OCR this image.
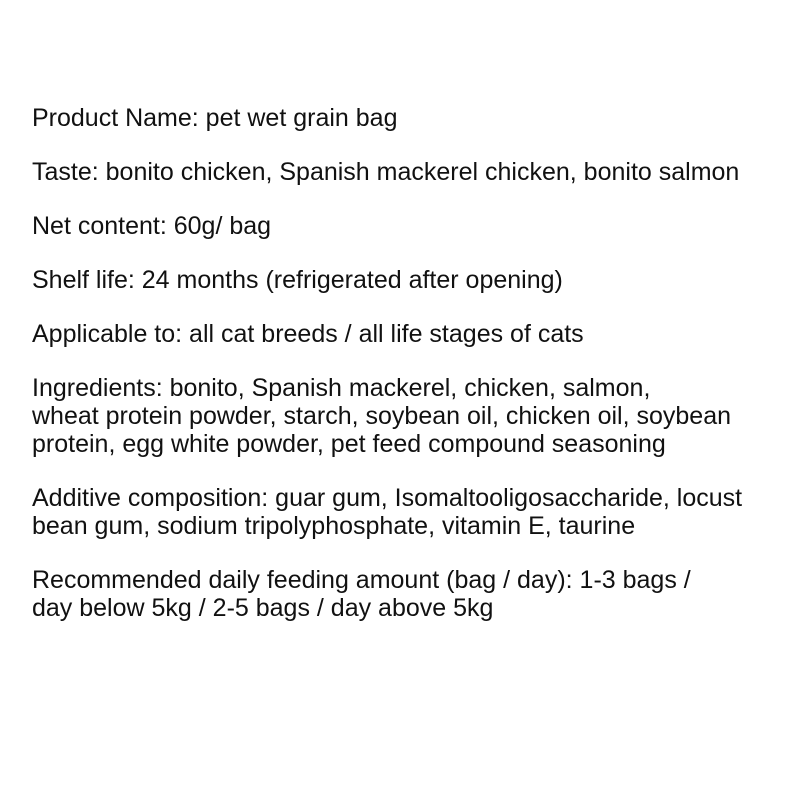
Product Name: pet wet grain bag

Taste: bonito chicken, Spanish mackerel chicken, bonito salmon

Net content: 60g/ bag

Shelf life: 24 months (refrigerated after opening)

Applicable to: all cat breeds / all life stages of cats

Ingredients: bonito, Spanish mackerel, chicken, salmon,
wheat protein powder, starch, soybean oil, chicken oil, soybean
protein, egg white powder, pet feed compound seasoning

Additive composition: guar gum, Isomaltooligosaccharide, locust
bean gum, sodium tripolyphosphate, vitamin E, taurine

Recommended daily feeding amount (bag / day): 1-3 bags /
day below 5kg / 2-5 bags / day above 5kg
